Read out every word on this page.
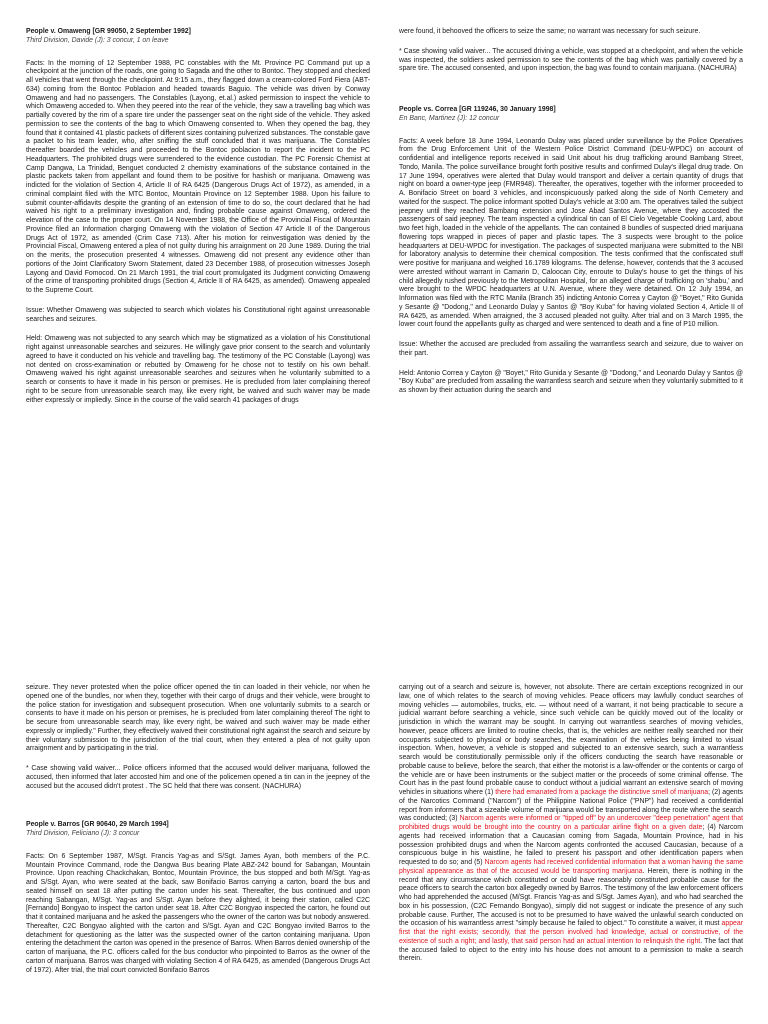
People v. Omaweng [GR 99050, 2 September 1992]

Third Division, Davide (J): 3 concur, 1 on leave

Facts: In the morning of 12 September 1988, PC constables with the Mt. Province PC Command put up a checkpoint at the junction of the roads, one going to Sagada and the other to Bontoc. They stopped and checked all vehicles that went through the checkpoint. At 9:15 a.m., they flagged down a cream-colored Ford Fiera (ABT-634) coming from the Bontoc Poblacion and headed towards Baguio. The vehicle was driven by Conway Omaweng and had no passengers. The Constables (Layong, et.al.) asked permission to inspect the vehicle to which Omaweng acceded to. When they peered into the rear of the vehicle, they saw a travelling bag which was partially covered by the rim of a spare tire under the passenger seat on the right side of the vehicle. They asked permission to see the contents of the bag to which Omaweng consented to. When they opened the bag, they found that it contained 41 plastic packets of different sizes containing pulverized substances. The constable gave a packet to his team leader, who, after sniffing the stuff concluded that it was marijuana. The Constables thereafter boarded the vehicles and proceeded to the Bontoc poblacion to report the incident to the PC Headquarters. The prohibited drugs were surrendered to the evidence custodian. The PC Forensic Chemist at Camp Dangwa, La Trinidad, Benguet conducted 2 chemistry examinations of the substance contained in the plastic packets taken from appellant and found them to be positive for hashish or marijuana. Omaweng was indicted for the violation of Section 4, Article II of RA 6425 (Dangerous Drugs Act of 1972), as amended, in a criminal complaint filed with the MTC Bontoc, Mountain Province on 12 September 1988. Upon his failure to submit counter-affidavits despite the granting of an extension of time to do so, the court declared that he had waived his right to a preliminary investigation and, finding probable cause against Omaweng, ordered the elevation of the case to the proper court. On 14 November 1988, the Office of the Provincial Fiscal of Mountain Province filed an Information charging Omaweng with the violation of Section 47 Article II of the Dangerous Drugs Act of 1972, as amended (Crim Case 713). After his motion for reinvestigation was denied by the Provincial Fiscal, Omaweng entered a plea of not guilty during his arraignment on 20 June 1989. During the trial on the merits, the prosecution presented 4 witnesses. Omaweng did not present any evidence other than portions of the Joint Clarificatory Sworn Statement, dated 23 December 1988, of prosecution witnesses Joseph Layong and David Fomocod. On 21 March 1991, the trial court promulgated its Judgment convicting Omaweng of the crime of transporting prohibited drugs (Section 4, Article II of RA 6425, as amended). Omaweng appealed to the Supreme Court.

Issue: Whether Omaweng was subjected to search which violates his Constitutional right against unreasonable searches and seizures.

Held: Omaweng was not subjected to any search which may be stigmatized as a violation of his Constitutional right against unreasonable searches and seizures. He willingly gave prior consent to the search and voluntarily agreed to have it conducted on his vehicle and travelling bag. The testimony of the PC Constable (Layong) was not dented on cross-examination or rebutted by Omaweng for he chose not to testify on his own behalf. Omaweng waived his right against unreasonable searches and seizures when he voluntarily submitted to a search or consents to have it made in his person or premises. He is precluded from later complaining thereof right to be secure from unreasonable search may, like every right, be waived and such waiver may be made either expressly or impliedly. Since in the course of the valid search 41 packages of drugs

were found, it behooved the officers to seize the same; no warrant was necessary for such seizure.

* Case showing valid waiver... The accused driving a vehicle, was stopped at a checkpoint, and when the vehicle was inspected, the soldiers asked permission to see the contents of the bag which was partially covered by a spare tire. The accused consented, and upon inspection, the bag was found to contain marijuana. (NACHURA)

People vs. Correa [GR 119246, 30 January 1998]

En Banc, Martinez (J): 12 concur

Facts: A week before 18 June 1994, Leonardo Dulay was placed under surveillance by the Police Operatives from the Drug Enforcement Unit of the Western Police District Command (DEU-WPDC) on account of confidential and intelligence reports received in said Unit about his drug trafficking around Bambang Street, Tondo, Manila. The police surveillance brought forth positive results and confirmed Dulay's illegal drug trade. On 17 June 1994, operatives were alerted that Dulay would transport and deliver a certain quantity of drugs that night on board a owner-type jeep (FMR948). Thereafter, the operatives, together with the informer proceeded to A. Bonifacio Street on board 3 vehicles, and inconspicuously parked along the side of North Cemetery and waited for the suspect. The police informant spotted Dulay's vehicle at 3:00 am. The operatives tailed the subject jeepney until they reached Bambang extension and Jose Abad Santos Avenue, where they accosted the passengers of said jeepney. The team inspected a cylindrical tin can of El Cielo Vegetable Cooking Lard, about two feet high, loaded in the vehicle of the appellants. The can contained 8 bundles of suspected dried marijuana flowering tops wrapped in pieces of paper and plastic tapes. The 3 suspects were brought to the police headquarters at DEU-WPDC for investigation. The packages of suspected marijuana were submitted to the NBI for laboratory analysis to determine their chemical composition. The tests confirmed that the confiscated stuff were positive for marijuana and weighed 16.1789 kilograms. The defense, however, contends that the 3 accused were arrested without warrant in Camarin D, Caloocan City, enroute to Dulay's house to get the things of his child allegedly rushed previously to the Metropolitan Hospital, for an alleged charge of trafficking on 'shabu,' and were brought to the WPDC headquarters at U.N. Avenue, where they were detained. On 12 July 1994, an Information was filed with the RTC Manila (Branch 35) indicting Antonio Correa y Cayton @ "Boyet," Rito Gunida y Sesante @ "Dodong," and Leonardo Dulay y Santos @ "Boy Kuba" for having violated Section 4, Article II of RA 6425, as amended. When arraigned, the 3 accused pleaded not guilty. After trial and on 3 March 1995, the lower court found the appellants guilty as charged and were sentenced to death and a fine of P10 million.

Issue: Whether the accused are precluded from assailing the warrantless search and seizure, due to waiver on their part.

Held: Antonio Correa y Cayton @ "Boyet," Rito Gunida y Sesante @ "Dodong," and Leonardo Dulay y Santos @ "Boy Kuba" are precluded from assailing the warrantless search and seizure when they voluntarily submitted to it as shown by their actuation during the search and

seizure. They never protested when the police officer opened the tin can loaded in their vehicle, nor when he opened one of the bundles, nor when they, together with their cargo of drugs and their vehicle, were brought to the police station for investigation and subsequent prosecution. When one voluntarily submits to a search or consents to have it made on his person or premises, he is precluded from later complaining thereof The right to be secure from unreasonable search may, like every right, be waived and such waiver may be made either expressly or impliedly." Further, they effectively waived their constitutional right against the search and seizure by their voluntary submission to the jurisdiction of the trial court, when they entered a plea of not guilty upon arraignment and by participating in the trial.

* Case showing valid waiver... Police officers informed that the accused would deliver marijuana, followed the accused, then informed that later accosted him and one of the policemen opened a tin can in the jeepney of the accused but the accused didn't protest . The SC held that there was consent. (NACHURA)

People v. Barros [GR 90640, 29 March 1994]

Third Division, Feliciano (J): 3 concur

Facts: On 6 September 1987, M/Sgt. Francis Yag-as and S/Sgt. James Ayan, both members of the P.C. Mountain Province Command, rode the Dangwa Bus bearing Plate ABZ-242 bound for Sabangan, Mountain Province. Upon reaching Chackchakan, Bontoc, Mountain Province, the bus stopped and both M/Sgt. Yag-as and S/Sgt. Ayan, who were seated at the back, saw Bonifacio Barros carrying a carton, board the bus and seated himself on seat 18 after putting the carton under his seat. Thereafter, the bus continued and upon reaching Sabangan, M/Sgt. Yag-as and S/Sgt. Ayan before they alighted, it being their station, called C2C [Fernando] Bongyao to inspect the carton under seat 18. After C2C Bongyao inspected the carton, he found out that it contained marijuana and he asked the passengers who the owner of the carton was but nobody answered. Thereafter, C2C Bongyao alighted with the carton and S/Sgt. Ayan and C2C Bongyao invited Barros to the detachment for questioning as the latter was the suspected owner of the carton containing marijuana. Upon entering the detachment the carton was opened in the presence of Barros. When Barros denied ownership of the carton of marijuana, the P.C. officers called for the bus conductor who pinpointed to Barros as the owner of the carton of marijuana. Barros was charged with violating Section 4 of RA 6425, as amended (Dangerous Drugs Act of 1972). After trial, the trial court convicted Bonifacio Barros

carrying out of a search and seizure is, however, not absolute. There are certain exceptions recognized in our law, one of which relates to the search of moving vehicles. Peace officers may lawfully conduct searches of moving vehicles — automobiles, trucks, etc. — without need of a warrant, it not being practicable to secure a judicial warrant before searching a vehicle, since such vehicle can be quickly moved out of the locality or jurisdiction in which the warrant may be sought. In carrying out warrantless searches of moving vehicles, however, peace officers are limited to routine checks, that is, the vehicles are neither really searched nor their occupants subjected to physical or body searches, the examination of the vehicles being limited to visual inspection. When, however, a vehicle is stopped and subjected to an extensive search, such a warrantless search would be constitutionally permissible only if the officers conducting the search have reasonable or probable cause to believe, before the search, that either the motorist is a law-offender or the contents or cargo of the vehicle are or have been instruments or the subject matter or the proceeds of some criminal offense. The Court has in the past found probable cause to conduct without a judicial warrant an extensive search of moving vehicles in situations where (1) there had emanated from a package the distinctive smell of marijuana; (2) agents of the Narcotics Command ("Narcom") of the Philippine National Police ("PNP") had received a confidential report from informers that a sizeable volume of marijuana would be transported along the route where the search was conducted; (3) Narcom agents were informed or "tipped off" by an undercover "deep penetration" agent that prohibited drugs would be brought into the country on a particular airline flight on a given date; (4) Narcom agents had received information that a Caucasian coming from Sagada, Mountain Province, had in his possession prohibited drugs and when the Narcom agents confronted the accused Caucasian, because of a conspicuous bulge in his waistline, he failed to present his passport and other identification papers when requested to do so; and (5) Narcom agents had received confidential information that a woman having the same physical appearance as that of the accused would be transporting marijuana. Herein, there is nothing in the record that any circumstance which constituted or could have reasonably constituted probable cause for the peace officers to search the carton box allegedly owned by Barros. The testimony of the law enforcement officers who had apprehended the accused (M/Sgt. Francis Yag-as and S/Sgt. James Ayan), and who had searched the box in his possession, (C2C Fernando Bongyao), simply did not suggest or indicate the presence of any such probable cause. Further, The accused is not to be presumed to have waived the unlawful search conducted on the occasion of his warrantless arrest "simply because he failed to object." To constitute a waiver, it must appear first that the right exists; secondly, that the person involved had knowledge, actual or constructive, of the existence of such a right; and lastly, that said person had an actual intention to relinquish the right. The fact that the accused failed to object to the entry into his house does not amount to a permission to make a search therein.
